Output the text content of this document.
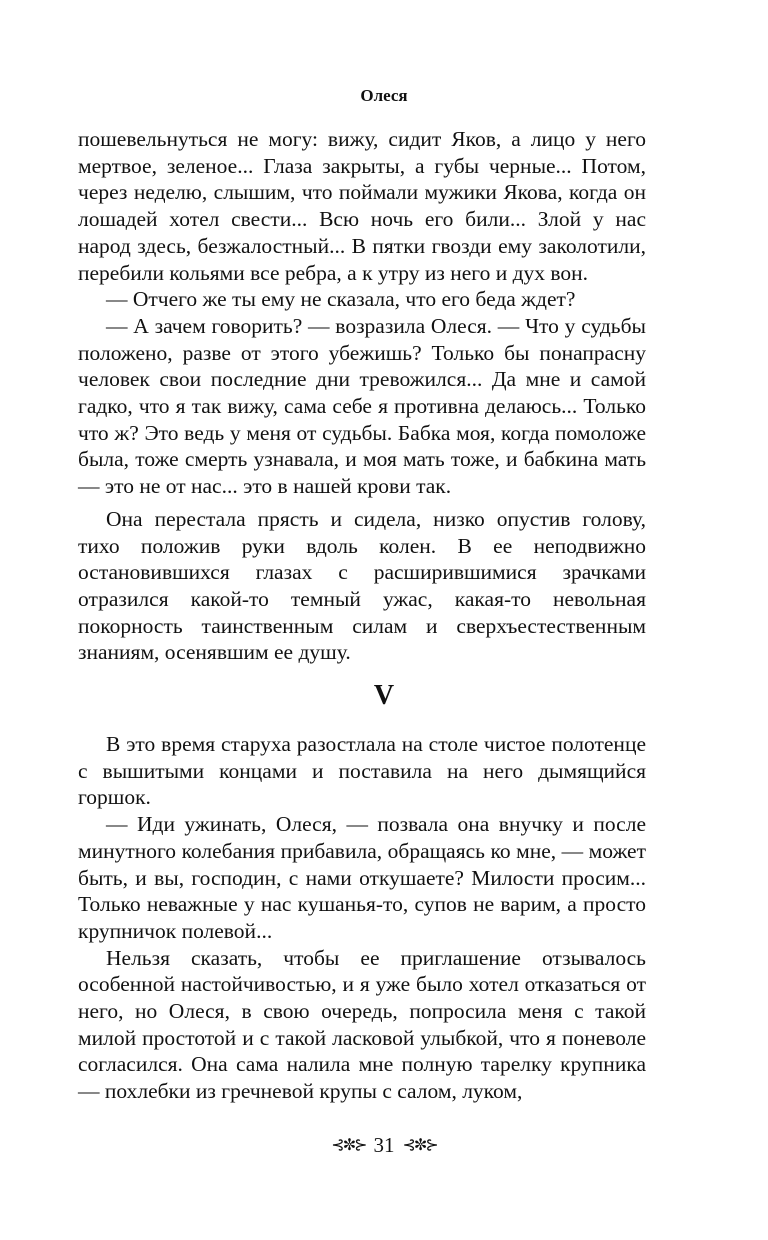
Олеся

пошевельнуться не могу: вижу, сидит Яков, а лицо у него мертвое, зеленое... Глаза закрыты, а губы черные... Потом, через неделю, слышим, что поймали мужики Якова, когда он лошадей хотел свести... Всю ночь его били... Злой у нас народ здесь, безжалостный... В пятки гвозди ему заколотили, перебили кольями все ребра, а к утру из него и дух вон.

— Отчего же ты ему не сказала, что его беда ждет?

— А зачем говорить? — возразила Олеся. — Что у судьбы положено, разве от этого убежишь? Только бы понапрасну человек свои последние дни тревожился... Да мне и самой гадко, что я так вижу, сама себе я противна делаюсь... Только что ж? Это ведь у меня от судьбы. Бабка моя, когда помоложе была, тоже смерть узнавала, и моя мать тоже, и бабкина мать — это не от нас... это в нашей крови так.

Она перестала прясть и сидела, низко опустив голову, тихо положив руки вдоль колен. В ее неподвижно остановившихся глазах с расширившимися зрачками отразился какой-то темный ужас, какая-то невольная покорность таинственным силам и сверхъестественным знаниям, осенявшим ее душу.

V

В это время старуха разостлала на столе чистое полотенце с вышитыми концами и поставила на него дымящийся горшок.

— Иди ужинать, Олеся, — позвала она внучку и после минутного колебания прибавила, обращаясь ко мне, — может быть, и вы, господин, с нами откушаете? Милости просим... Только неважные у нас кушанья-то, супов не варим, а просто крупничок полевой...

Нельзя сказать, чтобы ее приглашение отзывалось особенной настойчивостью, и я уже было хотел отказаться от него, но Олеся, в свою очередь, попросила меня с такой милой простотой и с такой ласковой улыбкой, что я поневоле согласился. Она сама налила мне полную тарелку крупника — похлебки из гречневой крупы с салом, луком,

⊰✼⊱ 31 ⊰✼⊱
